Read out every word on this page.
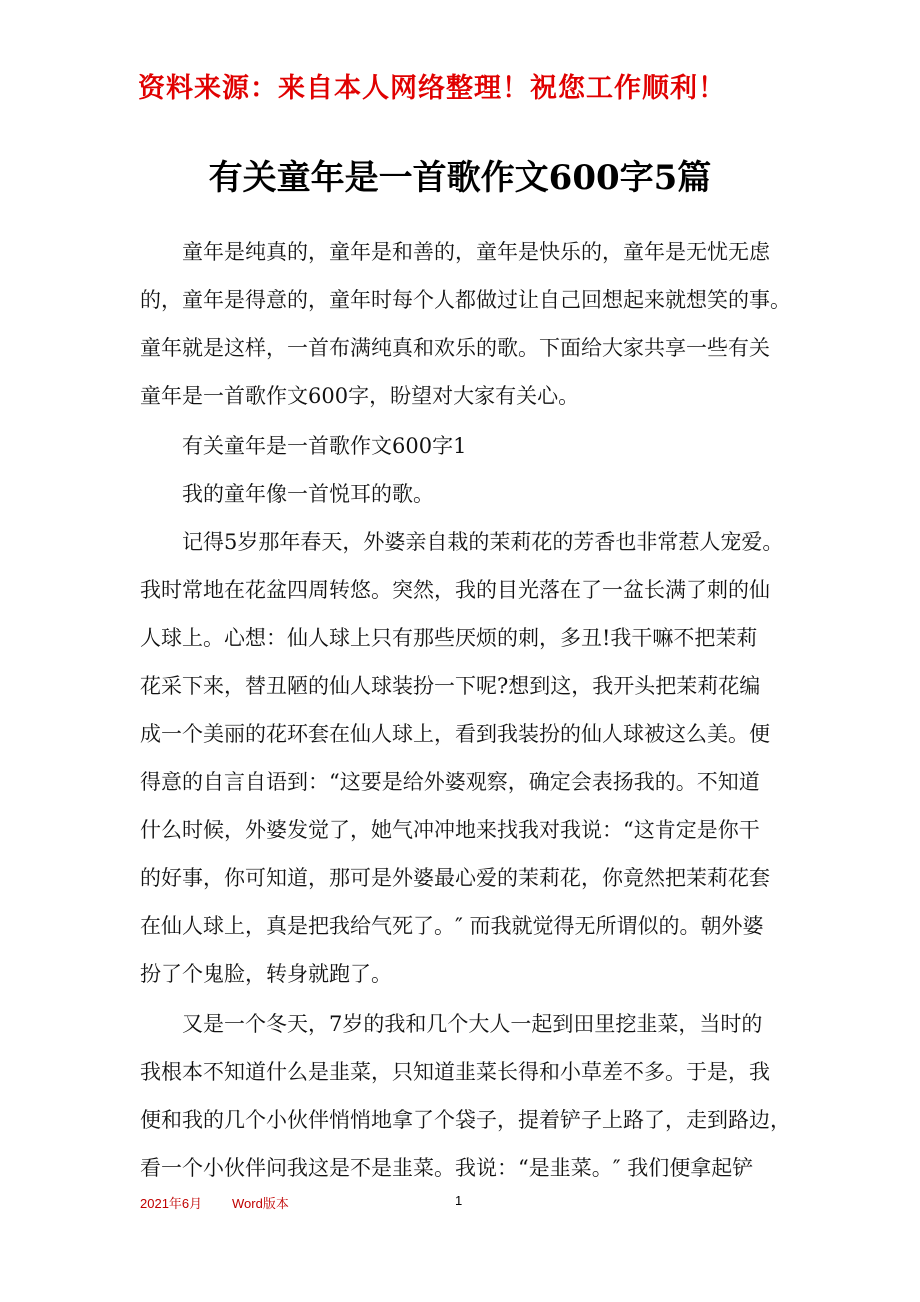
资料来源：来自本人网络整理！祝您工作顺利！
有关童年是一首歌作文600字5篇
童年是纯真的，童年是和善的，童年是快乐的，童年是无忧无虑
的，童年是得意的，童年时每个人都做过让自己回想起来就想笑的事。
童年就是这样，一首布满纯真和欢乐的歌。下面给大家共享一些有关
童年是一首歌作文600字，盼望对大家有关心。
有关童年是一首歌作文600字1
我的童年像一首悦耳的歌。
记得5岁那年春天，外婆亲自栽的茉莉花的芳香也非常惹人宠爱。
我时常地在花盆四周转悠。突然，我的目光落在了一盆长满了刺的仙
人球上。心想：仙人球上只有那些厌烦的刺，多丑!我干嘛不把茉莉
花采下来，替丑陋的仙人球装扮一下呢?想到这，我开头把茉莉花编
成一个美丽的花环套在仙人球上，看到我装扮的仙人球被这么美。便
得意的自言自语到：“这要是给外婆观察，确定会表扬我的。不知道
什么时候，外婆发觉了，她气冲冲地来找我对我说：“这肯定是你干
的好事，你可知道，那可是外婆最心爱的茉莉花，你竟然把茉莉花套
在仙人球上，真是把我给气死了。″ 而我就觉得无所谓似的。朝外婆
扮了个鬼脸，转身就跑了。
又是一个冬天，7岁的我和几个大人一起到田里挖韭菜，当时的
我根本不知道什么是韭菜，只知道韭菜长得和小草差不多。于是，我
便和我的几个小伙伴悄悄地拿了个袋子，提着铲子上路了，走到路边，
看一个小伙伴问我这是不是韭菜。我说：“是韭菜。″ 我们便拿起铲
2021年6月 Word版本	1
